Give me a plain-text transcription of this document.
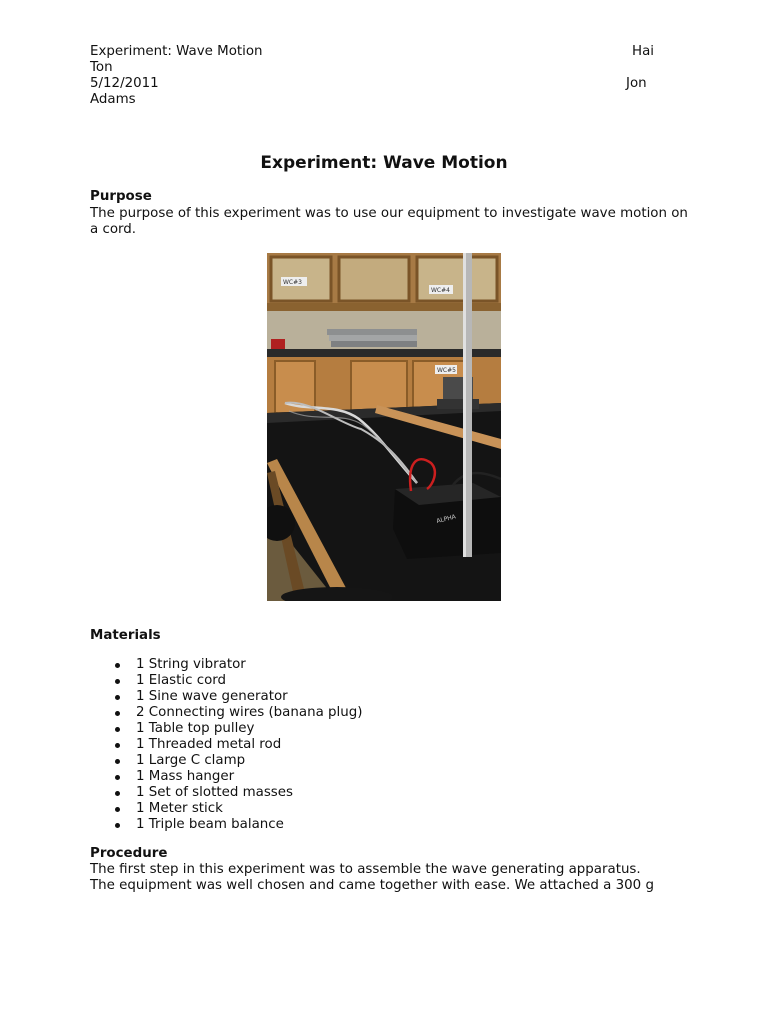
Experiment: Wave Motion	Hai
Ton
5/12/2011	Jon
Adams
Experiment: Wave Motion
Purpose
The purpose of this experiment was to use our equipment to investigate wave motion on a cord.
WC#3
WC#4
WC#5
ALPHA
Materials
1 String vibrator
1 Elastic cord
1 Sine wave generator
2 Connecting wires (banana plug)
1 Table top pulley
1 Threaded metal rod
1 Large C clamp
1 Mass hanger
1 Set of slotted masses
1 Meter stick
1 Triple beam balance
Procedure
The first step in this experiment was to assemble the wave generating apparatus.
The equipment was well chosen and came together with ease. We attached a 300 g
